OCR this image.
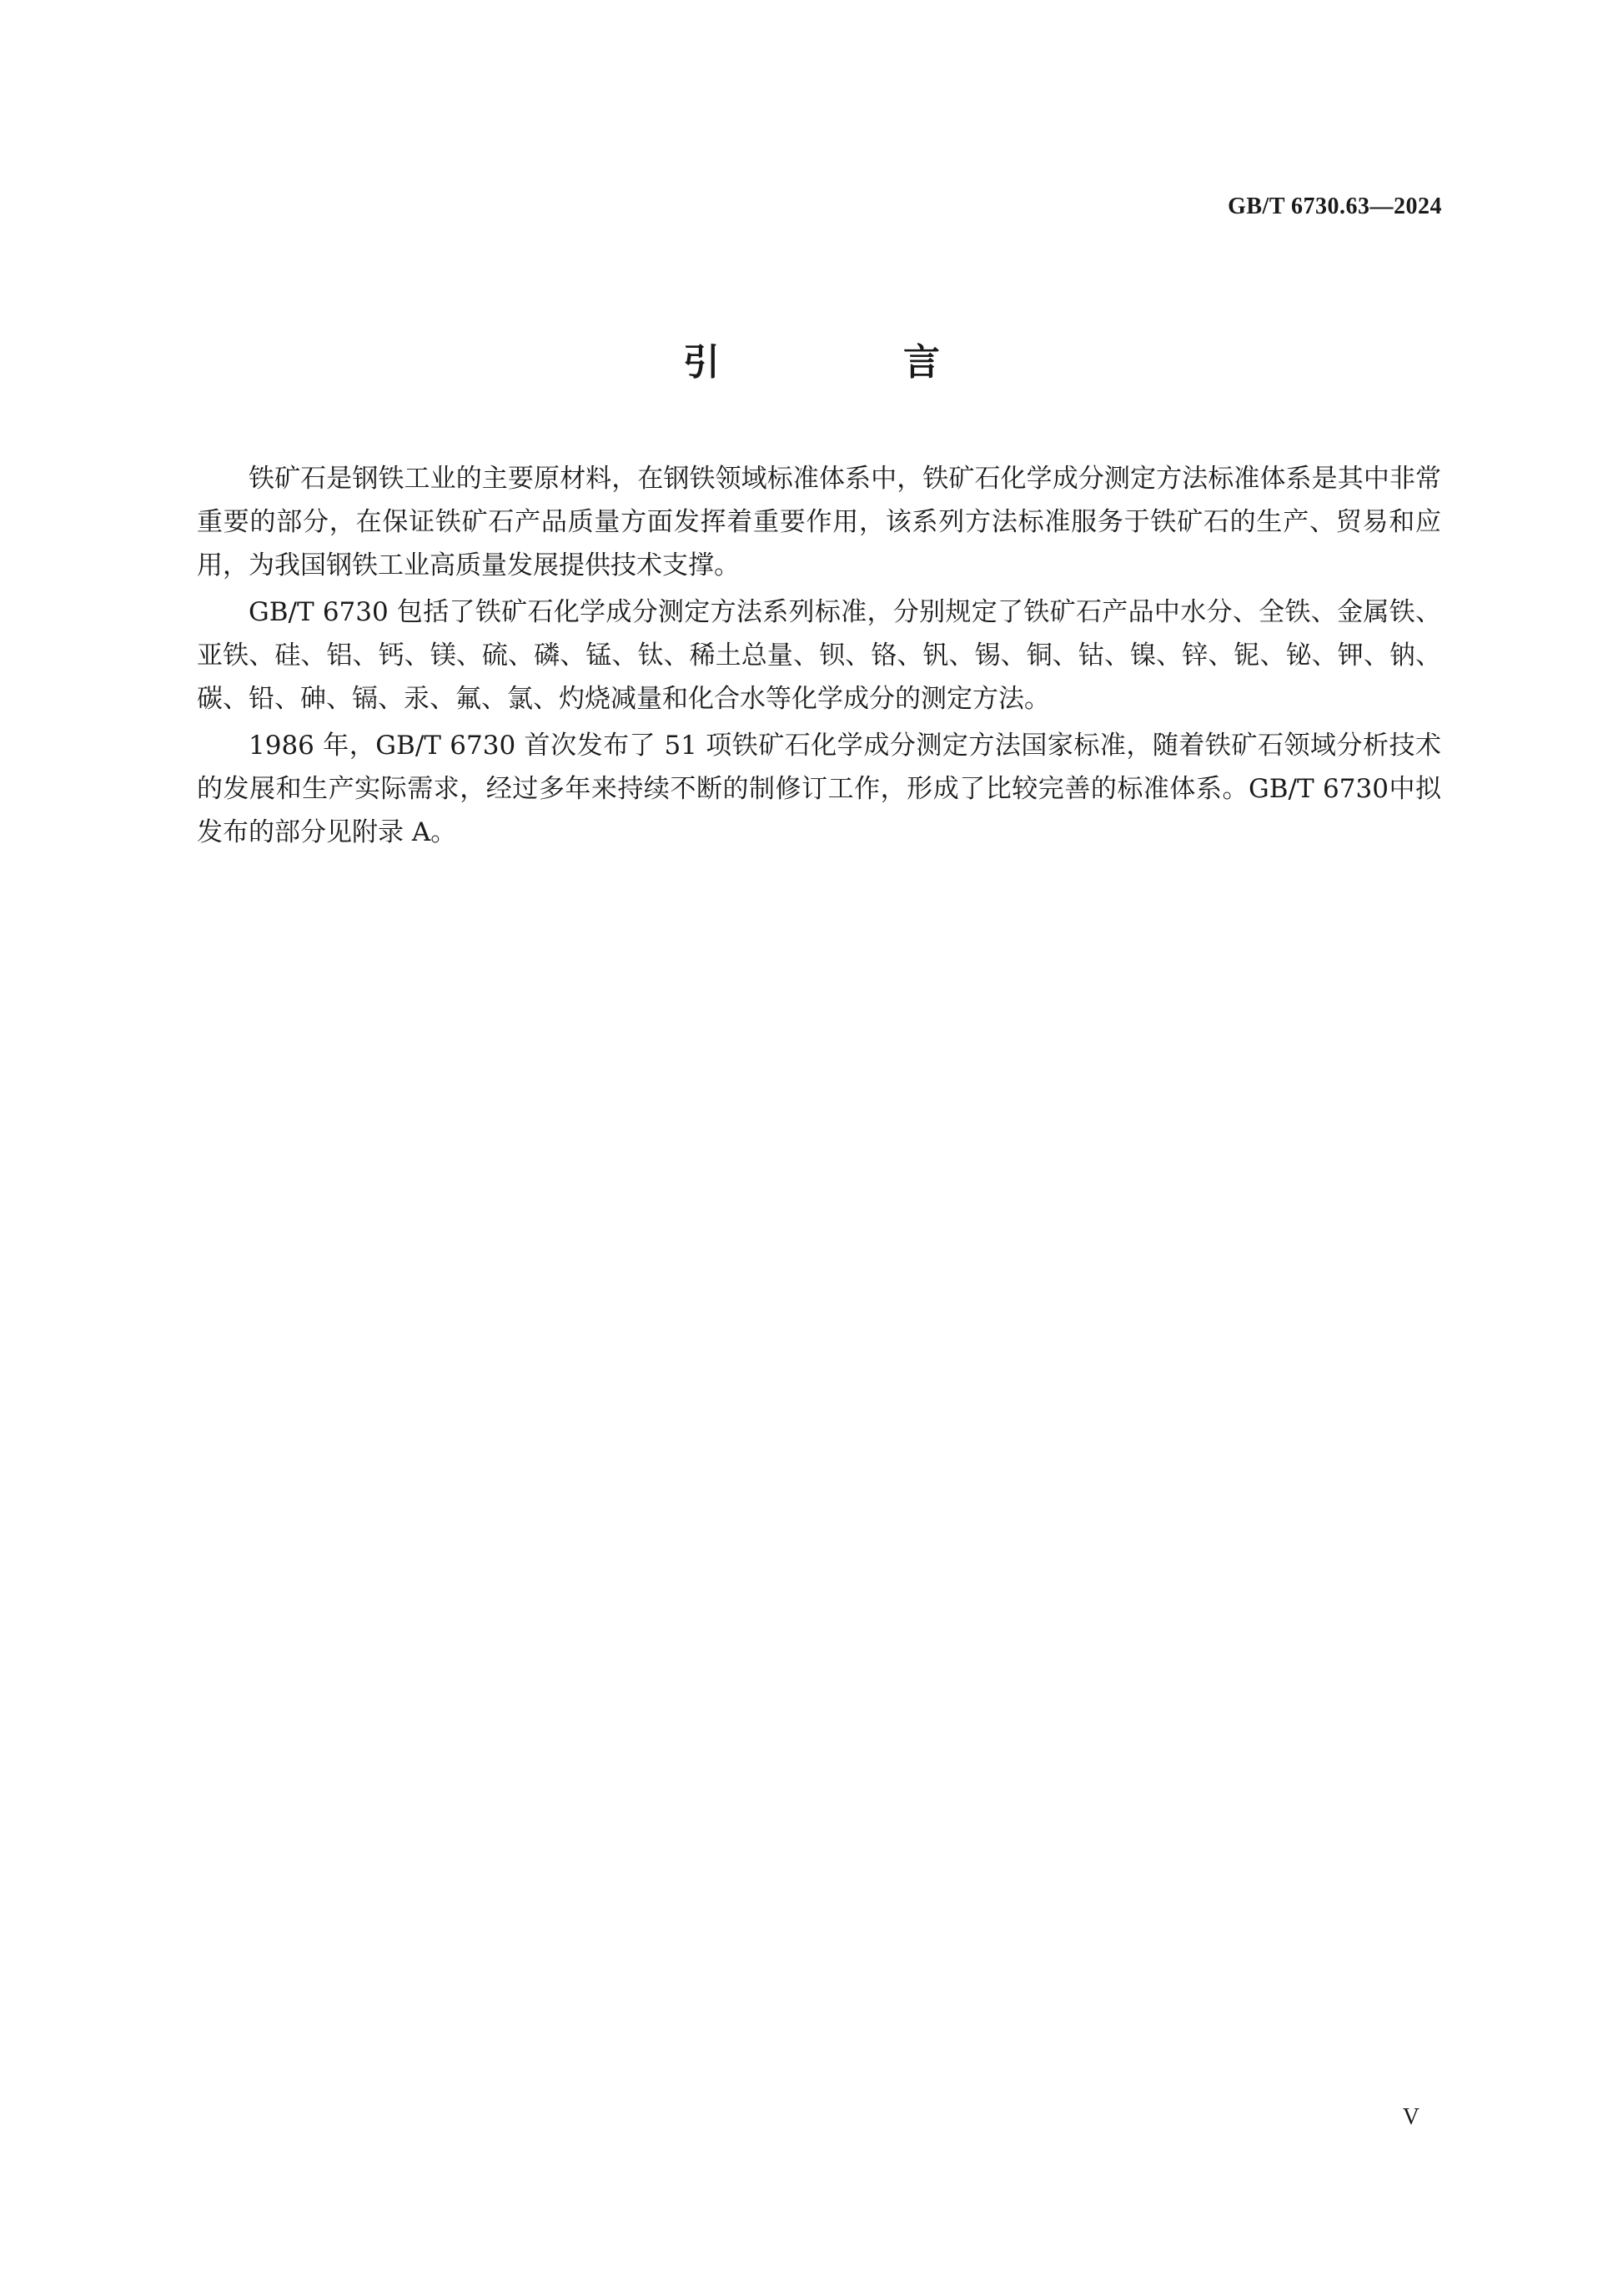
GB/T 6730.63—2024
引　言

铁矿石是钢铁工业的主要原材料，在钢铁领域标准体系中，铁矿石化学成分测定方法标准体系是其中非常重要的部分，在保证铁矿石产品质量方面发挥着重要作用，该系列方法标准服务于铁矿石的生产、贸易和应用，为我国钢铁工业高质量发展提供技术支撑。

GB/T 6730 包括了铁矿石化学成分测定方法系列标准，分别规定了铁矿石产品中水分、全铁、金属铁、亚铁、硅、铝、钙、镁、硫、磷、锰、钛、稀土总量、钡、铬、钒、锡、铜、钴、镍、锌、铌、铋、钾、钠、碳、铅、砷、镉、汞、氟、氯、灼烧减量和化合水等化学成分的测定方法。

1986 年，GB/T 6730 首次发布了 51 项铁矿石化学成分测定方法国家标准，随着铁矿石领域分析技术的发展和生产实际需求，经过多年来持续不断的制修订工作，形成了比较完善的标准体系。GB/T 6730中拟发布的部分见附录 A。

V
